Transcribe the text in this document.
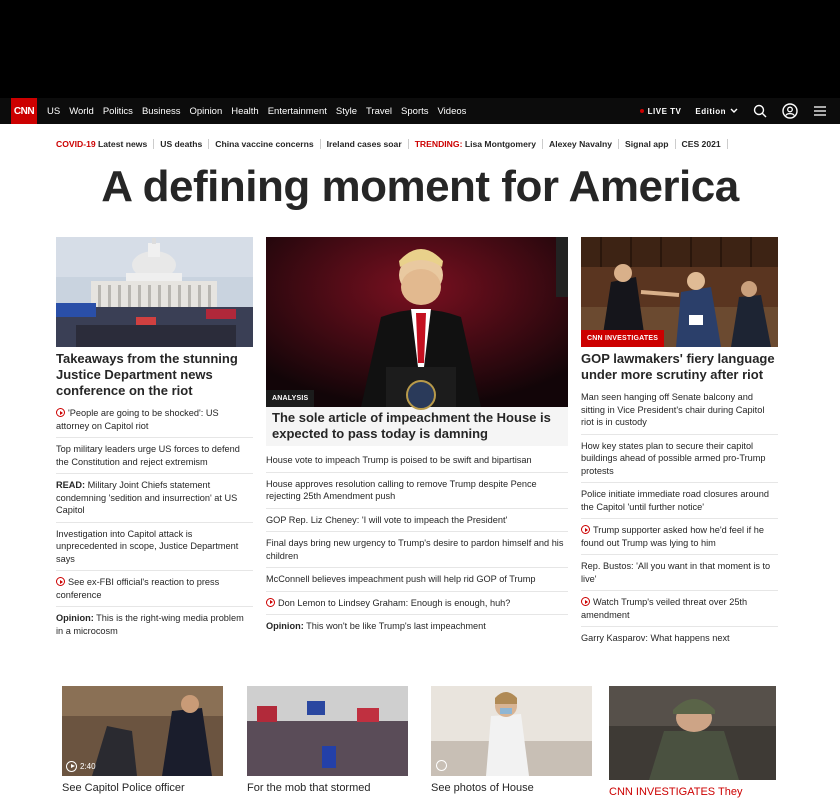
CNN	US World Politics Business Opinion Health Entertainment Style Travel Sports Videos	LIVE TV Edition
COVID-19 Latest news	US deaths	China vaccine concerns	Ireland cases soar	TRENDING: Lisa Montgomery	Alexey Navalny	Signal app	CES 2021
A defining moment for America
Takeaways from the stunning Justice Department news conference on the riot
'People are going to be shocked': US attorney on Capitol riot
Top military leaders urge US forces to defend the Constitution and reject extremism
READ: Military Joint Chiefs statement condemning 'sedition and insurrection' at US Capitol
Investigation into Capitol attack is unprecedented in scope, Justice Department says
See ex-FBI official's reaction to press conference
Opinion: This is the right-wing media problem in a microcosm
ANALYSIS
The sole article of impeachment the House is expected to pass today is damning
House vote to impeach Trump is poised to be swift and bipartisan
House approves resolution calling to remove Trump despite Pence rejecting 25th Amendment push
GOP Rep. Liz Cheney: 'I will vote to impeach the President'
Final days bring new urgency to Trump's desire to pardon himself and his children
McConnell believes impeachment push will help rid GOP of Trump
Don Lemon to Lindsey Graham: Enough is enough, huh?
Opinion: This won't be like Trump's last impeachment
CNN INVESTIGATES
GOP lawmakers' fiery language under more scrutiny after riot
Man seen hanging off Senate balcony and sitting in Vice President's chair during Capitol riot is in custody
How key states plan to secure their capitol buildings ahead of possible armed pro-Trump protests
Police initiate immediate road closures around the Capitol 'until further notice'
Trump supporter asked how he'd feel if he found out Trump was lying to him
Rep. Bustos: 'All you want in that moment is to live'
Watch Trump's veiled threat over 25th amendment
Garry Kasparov: What happens next
2:40
See Capitol Police officer	For the mob that stormed	See photos of House	CNN INVESTIGATES They
